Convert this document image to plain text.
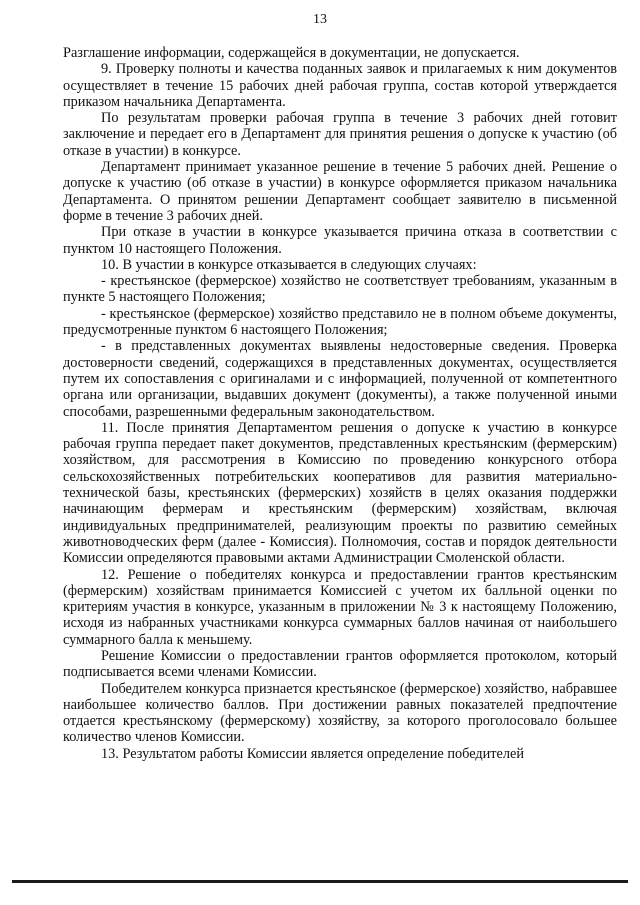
13

Разглашение информации, содержащейся в документации, не допускается.

9. Проверку полноты и качества поданных заявок и прилагаемых к ним документов осуществляет в течение 15 рабочих дней рабочая группа, состав которой утверждается приказом начальника Департамента.

По результатам проверки рабочая группа в течение 3 рабочих дней готовит заключение и передает его в Департамент для принятия решения о допуске к участию (об отказе в участии) в конкурсе.

Департамент принимает указанное решение в течение 5 рабочих дней. Решение о допуске к участию (об отказе в участии) в конкурсе оформляется приказом начальника Департамента. О принятом решении Департамент сообщает заявителю в письменной форме в течение 3 рабочих дней.

При отказе в участии в конкурсе указывается причина отказа в соответствии с пунктом 10 настоящего Положения.

10. В участии в конкурсе отказывается в следующих случаях:

- крестьянское (фермерское) хозяйство не соответствует требованиям, указанным в пункте 5 настоящего Положения;

- крестьянское (фермерское) хозяйство представило не в полном объеме документы, предусмотренные пунктом 6 настоящего Положения;

- в представленных документах выявлены недостоверные сведения. Проверка достоверности сведений, содержащихся в представленных документах, осуществляется путем их сопоставления с оригиналами и с информацией, полученной от компетентного органа или организации, выдавших документ (документы), а также полученной иными способами, разрешенными федеральным законодательством.

11. После принятия Департаментом решения о допуске к участию в конкурсе рабочая группа передает пакет документов, представленных крестьянским (фермерским) хозяйством, для рассмотрения в Комиссию по проведению конкурсного отбора сельскохозяйственных потребительских кооперативов для развития материально-технической базы, крестьянских (фермерских) хозяйств в целях оказания поддержки начинающим фермерам и крестьянским (фермерским) хозяйствам, включая индивидуальных предпринимателей, реализующим проекты по развитию семейных животноводческих ферм (далее - Комиссия). Полномочия, состав и порядок деятельности Комиссии определяются правовыми актами Администрации Смоленской области.

12. Решение о победителях конкурса и предоставлении грантов крестьянским (фермерским) хозяйствам принимается Комиссией с учетом их балльной оценки по критериям участия в конкурсе, указанным в приложении № 3 к настоящему Положению, исходя из набранных участниками конкурса суммарных баллов начиная от наибольшего суммарного балла к меньшему.

Решение Комиссии о предоставлении грантов оформляется протоколом, который подписывается всеми членами Комиссии.

Победителем конкурса признается крестьянское (фермерское) хозяйство, набравшее наибольшее количество баллов. При достижении равных показателей предпочтение отдается крестьянскому (фермерскому) хозяйству, за которого проголосовало большее количество членов Комиссии.

13. Результатом работы Комиссии является определение победителей
